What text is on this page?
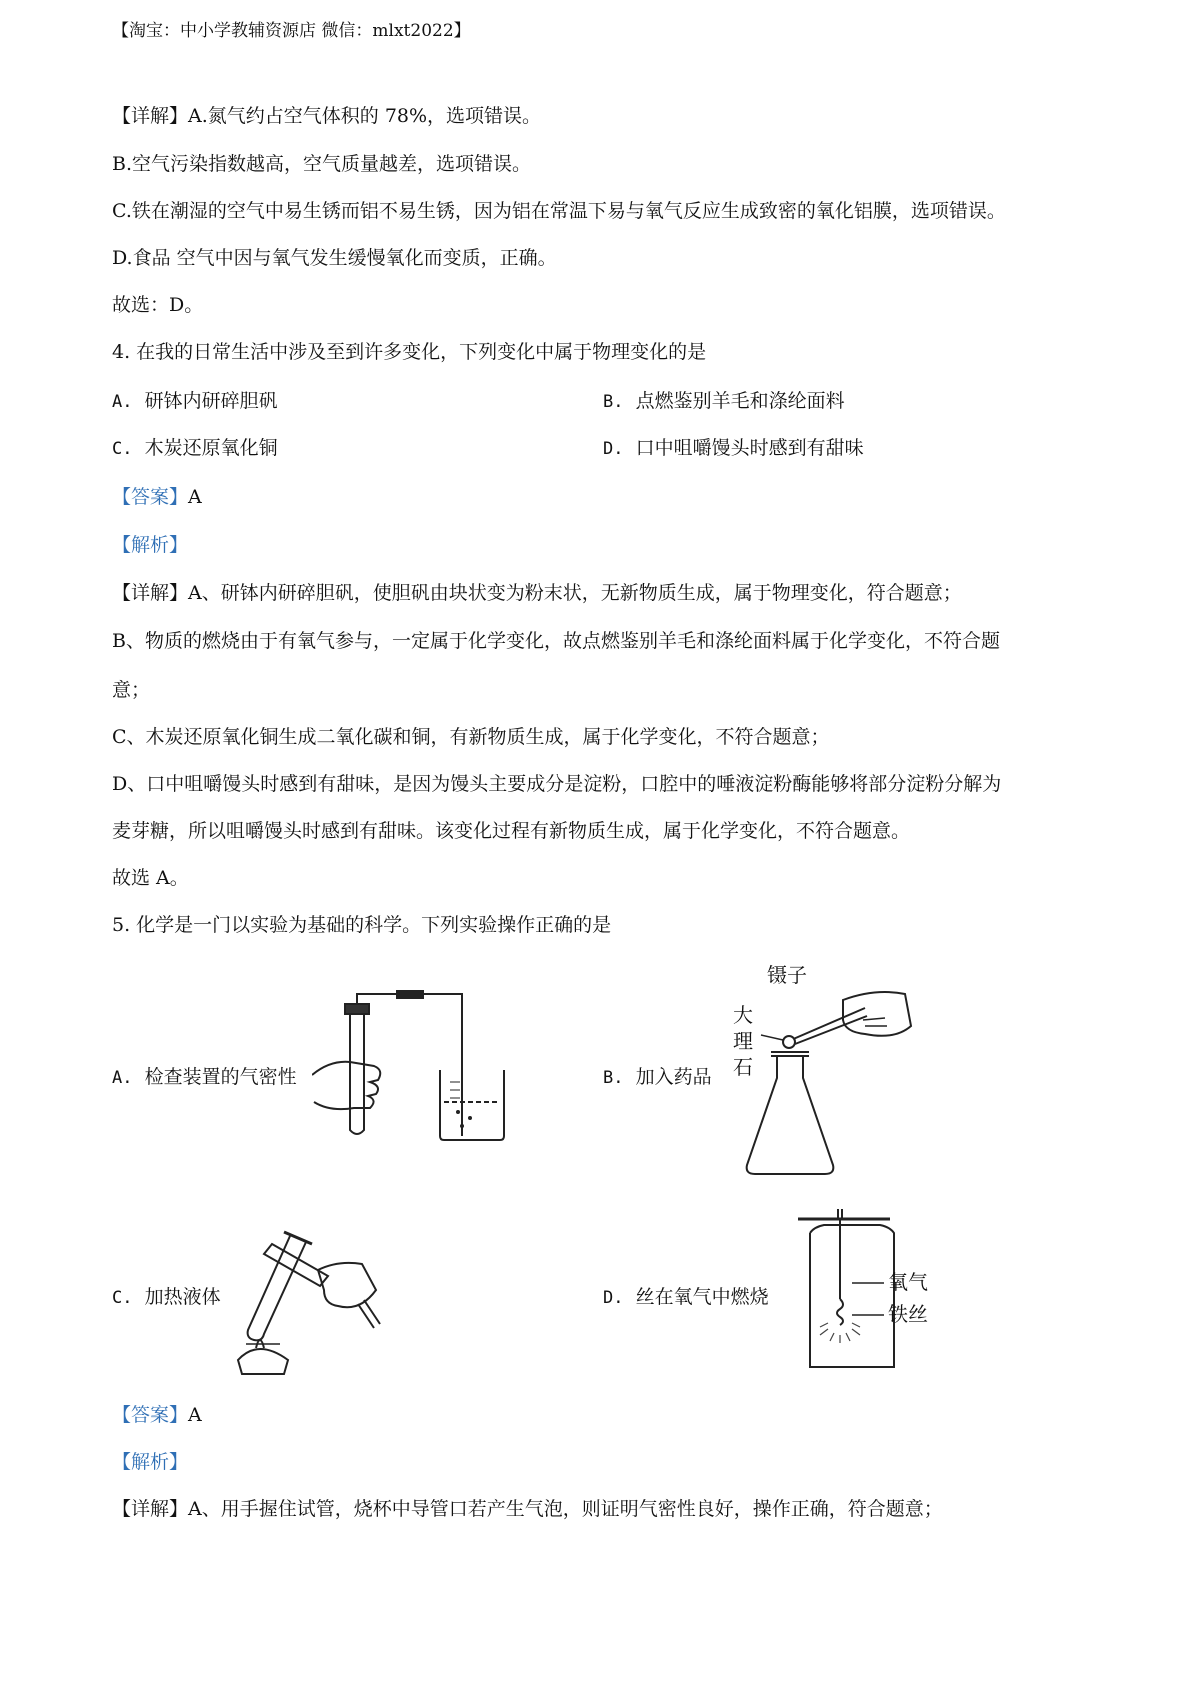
【淘宝：中小学教辅资源店 微信：mlxt2022】
【详解】A.氮气约占空气体积的 78%，选项错误。
B.空气污染指数越高，空气质量越差，选项错误。
C.铁在潮湿的空气中易生锈而铝不易生锈，因为铝在常温下易与氧气反应生成致密的氧化铝膜，选项错误。
D.食品 空气中因与氧气发生缓慢氧化而变质，正确。
故选：D。
4. 在我的日常生活中涉及至到许多变化，下列变化中属于物理变化的是
A. 研钵内研碎胆矾	B. 点燃鉴别羊毛和涤纶面料
C. 木炭还原氧化铜	D. 口中咀嚼馒头时感到有甜味
【答案】A
【解析】
【详解】A、研钵内研碎胆矾，使胆矾由块状变为粉末状，无新物质生成，属于物理变化，符合题意；
B、物质的燃烧由于有氧气参与，一定属于化学变化，故点燃鉴别羊毛和涤纶面料属于化学变化，不符合题
意；
C、木炭还原氧化铜生成二氧化碳和铜，有新物质生成，属于化学变化，不符合题意；
D、口中咀嚼馒头时感到有甜味，是因为馒头主要成分是淀粉，口腔中的唾液淀粉酶能够将部分淀粉分解为
麦芽糖，所以咀嚼馒头时感到有甜味。该变化过程有新物质生成，属于化学变化，不符合题意。
故选 A。
5. 化学是一门以实验为基础的科学。下列实验操作正确的是
A. 检查装置的气密性	B. 加入药品
C. 加热液体	D. 丝在氧气中燃烧
镊子
大
理
石
氧气
铁丝
【答案】A
【解析】
【详解】A、用手握住试管，烧杯中导管口若产生气泡，则证明气密性良好，操作正确，符合题意；
